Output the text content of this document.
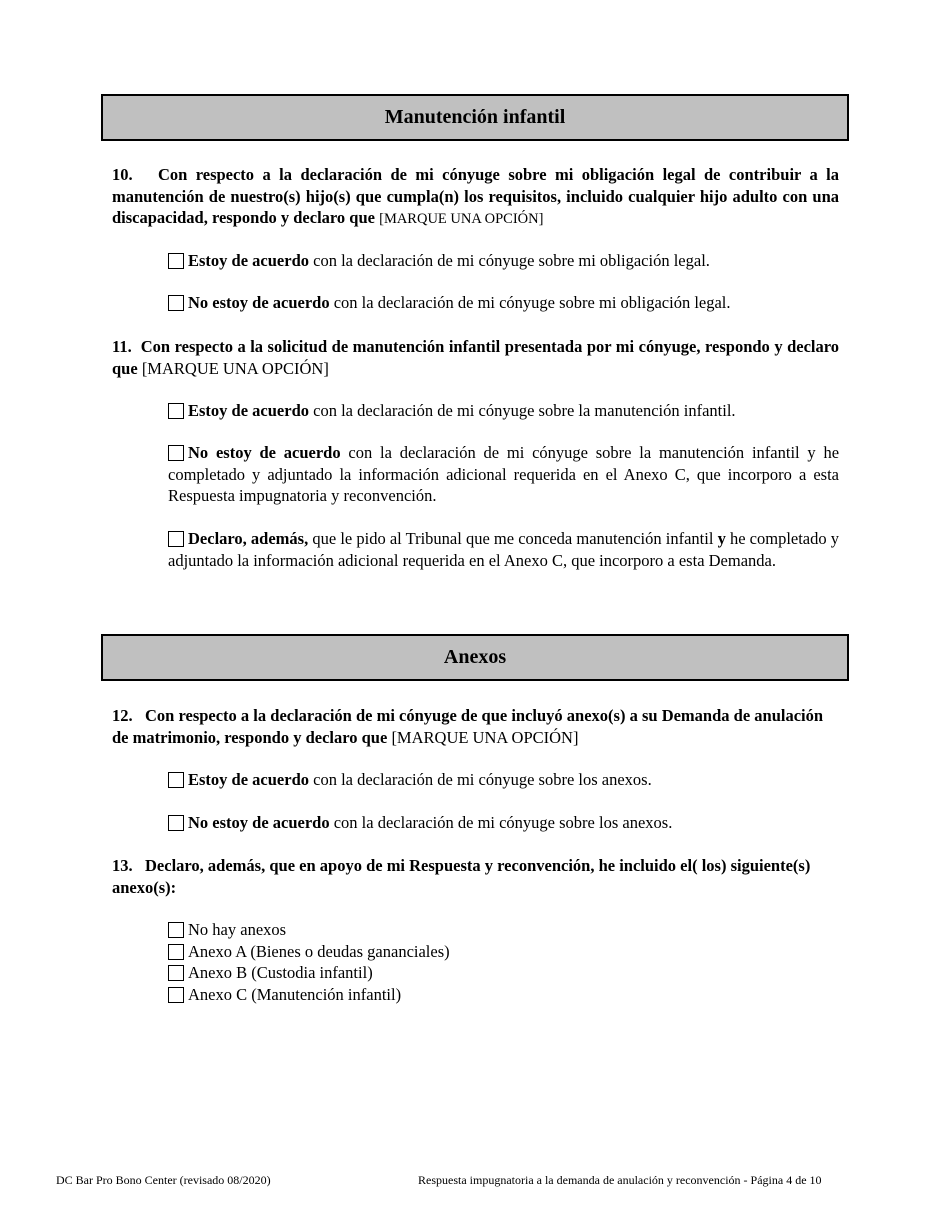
Manutención infantil
10. Con respecto a la declaración de mi cónyuge sobre mi obligación legal de contribuir a la manutención de nuestro(s) hijo(s) que cumpla(n) los requisitos, incluido cualquier hijo adulto con una discapacidad, respondo y declaro que [MARQUE UNA OPCIÓN]
Estoy de acuerdo con la declaración de mi cónyuge sobre mi obligación legal.
No estoy de acuerdo con la declaración de mi cónyuge sobre mi obligación legal.
11. Con respecto a la solicitud de manutención infantil presentada por mi cónyuge, respondo y declaro que [MARQUE UNA OPCIÓN]
Estoy de acuerdo con la declaración de mi cónyuge sobre la manutención infantil.
No estoy de acuerdo con la declaración de mi cónyuge sobre la manutención infantil y he completado y adjuntado la información adicional requerida en el Anexo C, que incorporo a esta Respuesta impugnatoria y reconvención.
Declaro, además, que le pido al Tribunal que me conceda manutención infantil y he completado y adjuntado la información adicional requerida en el Anexo C, que incorporo a esta Demanda.
Anexos
12. Con respecto a la declaración de mi cónyuge de que incluyó anexo(s) a su Demanda de anulación de matrimonio, respondo y declaro que [MARQUE UNA OPCIÓN]
Estoy de acuerdo con la declaración de mi cónyuge sobre los anexos.
No estoy de acuerdo con la declaración de mi cónyuge sobre los anexos.
13. Declaro, además, que en apoyo de mi Respuesta y reconvención, he incluido el( los) siguiente(s) anexo(s):
No hay anexos
Anexo A (Bienes o deudas gananciales)
Anexo B (Custodia infantil)
Anexo C (Manutención infantil)
DC Bar Pro Bono Center (revisado 08/2020)	Respuesta impugnatoria a la demanda de anulación y reconvención - Página 4 de 10
